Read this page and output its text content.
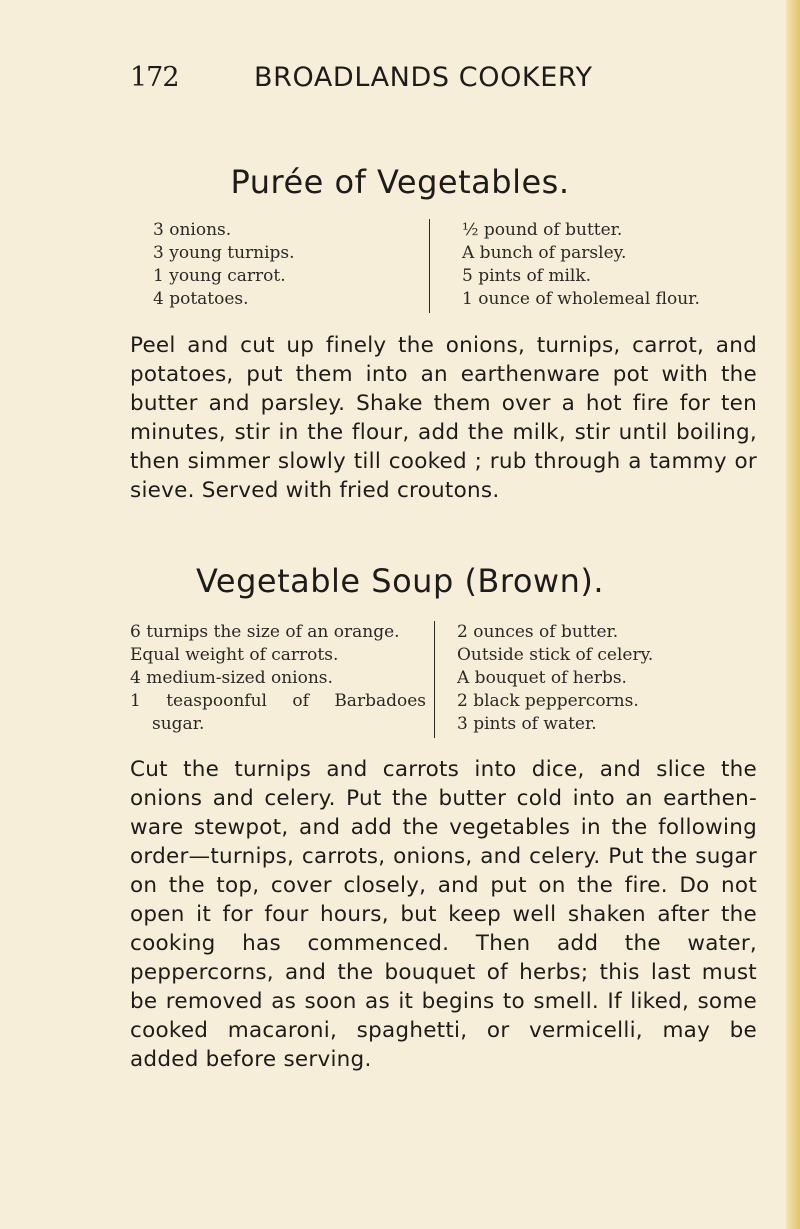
172	BROADLANDS COOKERY
Purée of Vegetables.
3 onions.
3 young turnips.
1 young carrot.
4 potatoes.
½ pound of butter.
A bunch of parsley.
5 pints of milk.
1 ounce of wholemeal flour.
Peel and cut up finely the onions, turnips, carrot, and potatoes, put them into an earthenware pot with the butter and parsley. Shake them over a hot fire for ten minutes, stir in the flour, add the milk, stir until boiling, then simmer slowly till cooked ; rub through a tammy or sieve. Served with fried croutons.
Vegetable Soup (Brown).
6 turnips the size of an orange.
Equal weight of carrots.
4 medium-sized onions.
1 teaspoonful of Barbadoes
sugar.
2 ounces of butter.
Outside stick of celery.
A bouquet of herbs.
2 black peppercorns.
3 pints of water.
Cut the turnips and carrots into dice, and slice the onions and celery. Put the butter cold into an earthen-ware stewpot, and add the vegetables in the following order—turnips, carrots, onions, and celery. Put the sugar on the top, cover closely, and put on the fire. Do not open it for four hours, but keep well shaken after the cooking has commenced. Then add the water, peppercorns, and the bouquet of herbs; this last must be removed as soon as it begins to smell. If liked, some cooked macaroni, spaghetti, or vermicelli, may be added before serving.
